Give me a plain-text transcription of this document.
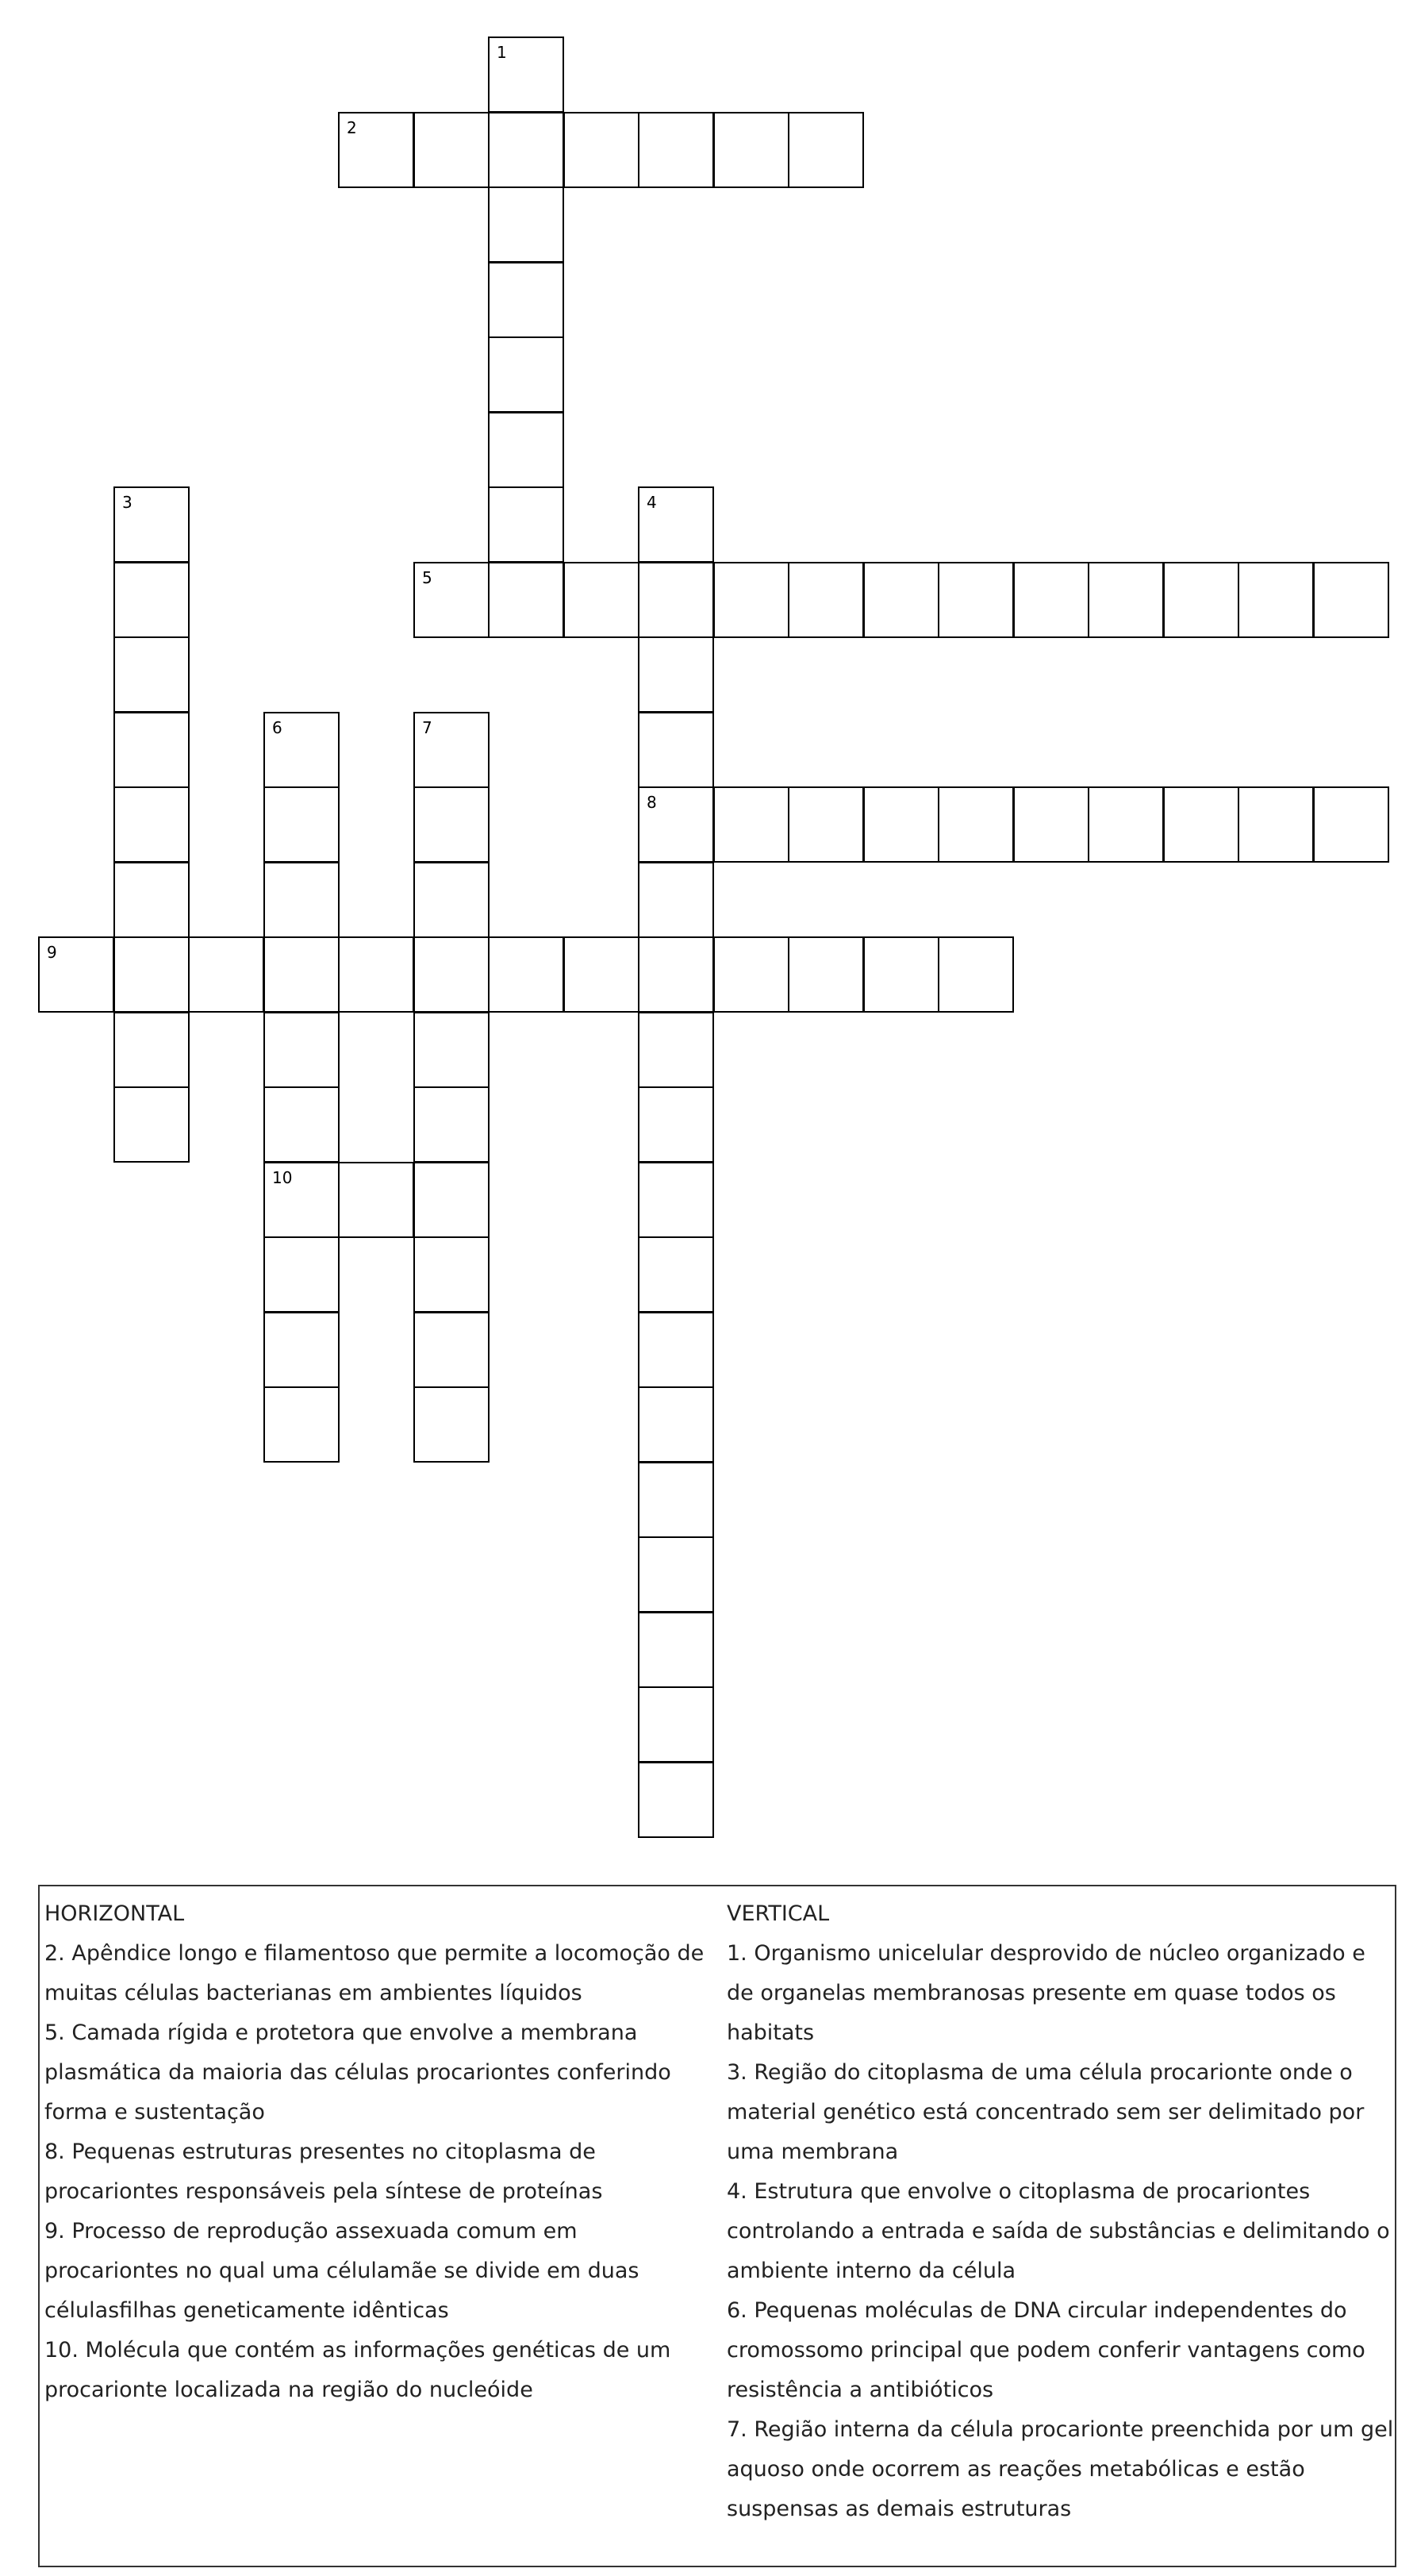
1
2
3	4
8
5
6
10
7
9

HORIZONTAL

2. Apêndice longo e filamentoso que permite a locomoção de
muitas células bacterianas em ambientes líquidos

5. Camada rígida e protetora que envolve a membrana
plasmática da maioria das células procariontes conferindo
forma e sustentação

8. Pequenas estruturas presentes no citoplasma de
procariontes responsáveis pela síntese de proteínas

9. Processo de reprodução assexuada comum em
procariontes no qual uma célulamãe se divide em duas
célulasfilhas geneticamente idênticas

10. Molécula que contém as informações genéticas de um
procarionte localizada na região do nucleóide

VERTICAL

1. Organismo unicelular desprovido de núcleo organizado e
de organelas membranosas presente em quase todos os
habitats

3. Região do citoplasma de uma célula procarionte onde o
material genético está concentrado sem ser delimitado por
uma membrana

4. Estrutura que envolve o citoplasma de procariontes
controlando a entrada e saída de substâncias e delimitando o
ambiente interno da célula

6. Pequenas moléculas de DNA circular independentes do
cromossomo principal que podem conferir vantagens como
resistência a antibióticos

7. Região interna da célula procarionte preenchida por um gel
aquoso onde ocorrem as reações metabólicas e estão
suspensas as demais estruturas
